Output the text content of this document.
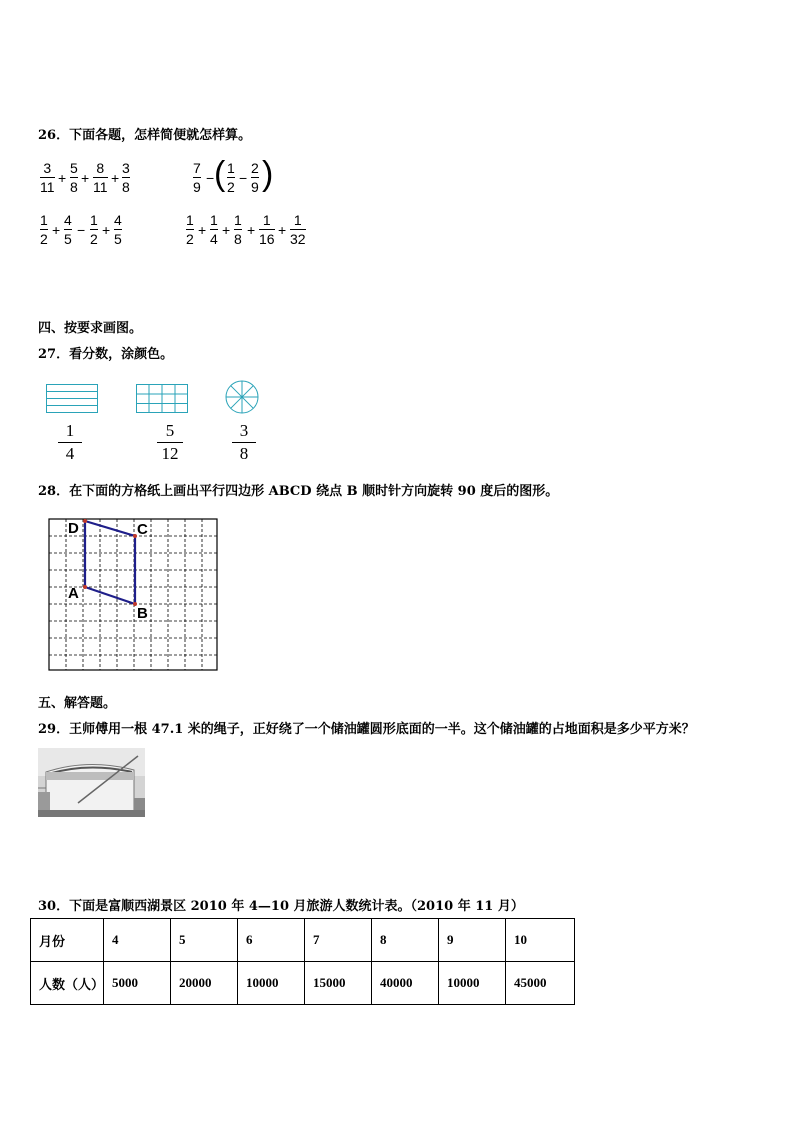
26．下面各题，怎样简便就怎样算。
3
11
+
5
8
+
8
11
+
3
8
7
9
− ( 1
2
−
2
9 )
1
2
+
4
5
−
1
2
+
4
5
1
2
+
1
4
+
1
8
+
1
16
+
1
32
四、按要求画图。
27．看分数，涂颜色。
1
4
5
12
3
8
28．在下面的方格纸上画出平行四边形 ABCD 绕点 B 顺时针方向旋转 90 度后的图形。
D	C
A
B
五、解答题。
29．王师傅用一根 47.1 米的绳子，正好绕了一个储油罐圆形底面的一半。这个储油罐的占地面积是多少平方米？
30．下面是富顺西湖景区 2010 年 4—10 月旅游人数统计表。（2010 年 11 月）
月份	4	5	6	7	8	9	10
人数（人）	5000	20000	10000	15000	40000	10000	45000
